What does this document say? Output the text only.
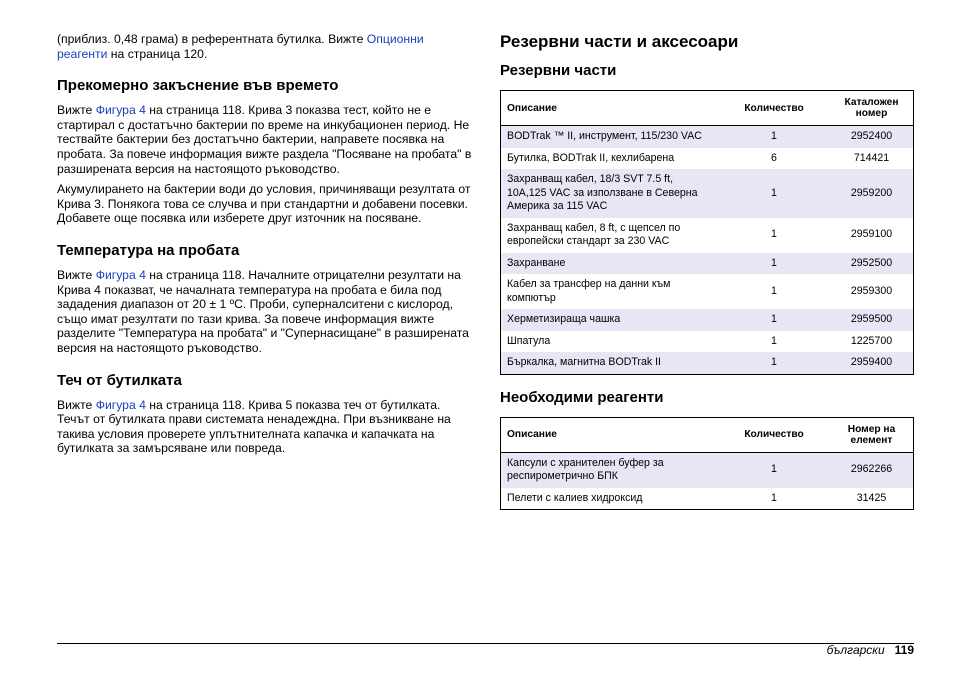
(приблиз. 0,48 грама) в референтната бутилка. Вижте Опционни реагенти на страница 120.

Прекомерно закъснение във времето

Вижте Фигура 4 на страница 118. Крива 3 показва тест, който не е стартирал с достатъчно бактерии по време на инкубационен период. Не тествайте бактерии без достатъчно бактерии, направете посявка на пробата. За повече информация вижте раздела "Посяване на пробата" в разширената версия на настоящото ръководство.

Акумулирането на бактерии води до условия, причиняващи резултата от Крива 3. Понякога това се случва и при стандартни и добавени посевки. Добавете още посявка или изберете друг източник на посяване.

Температура на пробата

Вижте Фигура 4 на страница 118. Началните отрицателни резултати на Крива 4 показват, че началната температура на пробата е била под зададения диапазон от 20 ± 1 ºC. Проби, суперналситени с кислород, също имат резултати по тази крива. За повече информация вижте разделите "Температура на пробата" и "Супернасищане" в разширената версия на настоящото ръководство.

Теч от бутилката

Вижте Фигура 4 на страница 118. Крива 5 показва теч от бутилката. Течът от бутилката прави системата ненадеждна. При възникване на такива условия проверете уплътнителната капачка и капачката на бутилката за замърсяване или повреда.

Резервни части и аксесоари
Резервни части
Описание	Количество	Каталожен номер
BODTrak ™ II, инструмент, 115/230 VAC	1	2952400
Бутилка, BODTrak II, кехлибарена	6	714421
Захранващ кабел, 18/3 SVT 7.5 ft, 10A,125 VAC за използване в Северна Америка за 115 VAC	1	2959200
Захранващ кабел, 8 ft, с щепсел по европейски стандарт за 230 VAC	1	2959100
Захранване	1	2952500
Кабел за трансфер на данни към компютър	1	2959300
Херметизираща чашка	1	2959500
Шпатула	1	1225700
Бъркалка, магнитна BODTrak II	1	2959400
Необходими реагенти
Описание	Количество	Номер на елемент
Капсули с хранителен буфер за респирометрично БПК	1	2962266
Пелети с калиев хидроксид	1	31425
български 119
